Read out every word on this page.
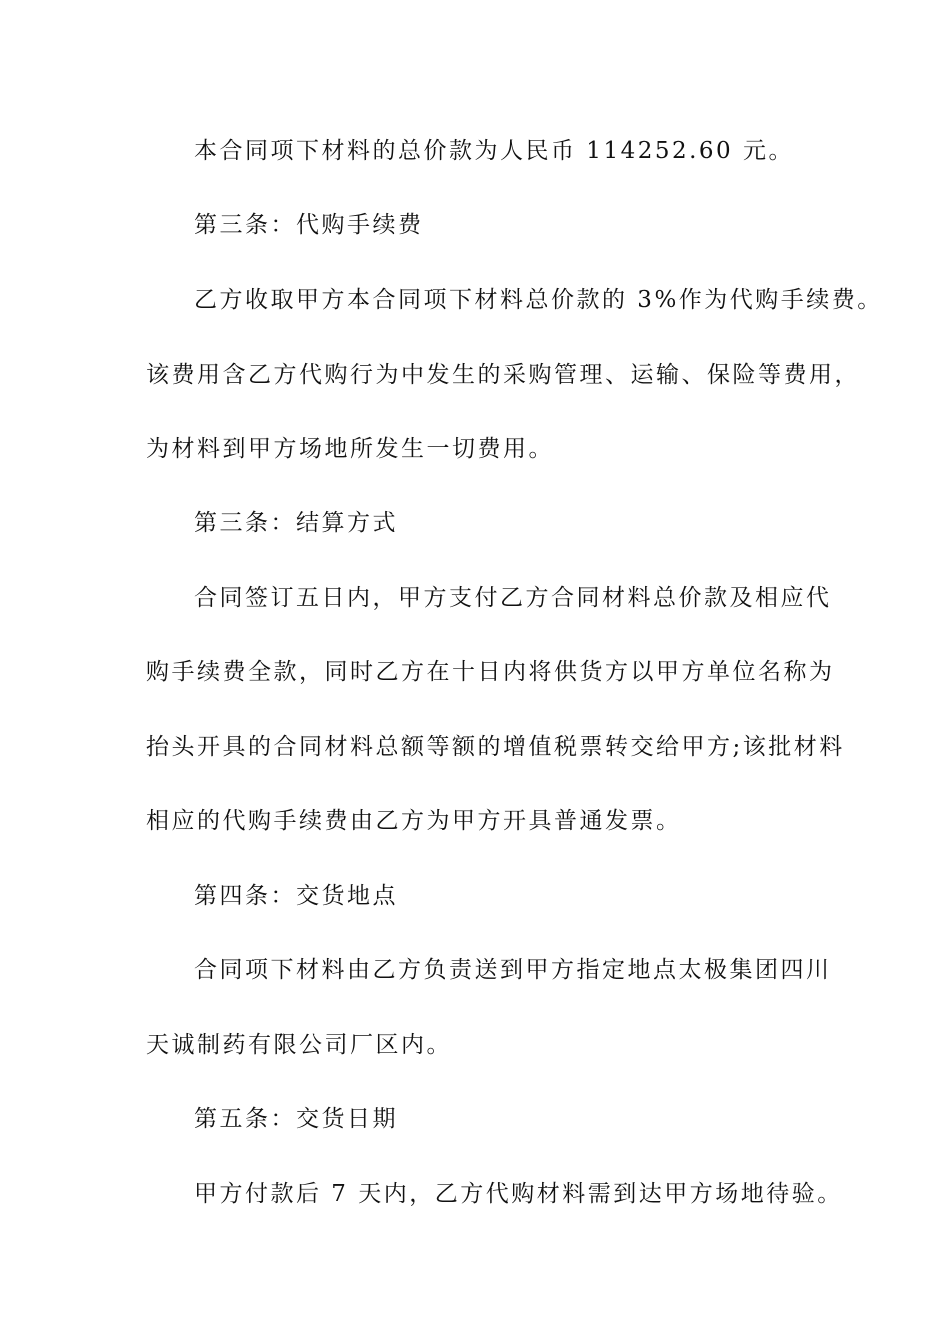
本合同项下材料的总价款为人民币 114252.60 元。
第三条：代购手续费
乙方收取甲方本合同项下材料总价款的 3%作为代购手续费。
该费用含乙方代购行为中发生的采购管理、运输、保险等费用，
为材料到甲方场地所发生一切费用。
第三条：结算方式
合同签订五日内，甲方支付乙方合同材料总价款及相应代
购手续费全款，同时乙方在十日内将供货方以甲方单位名称为
抬头开具的合同材料总额等额的增值税票转交给甲方;该批材料
相应的代购手续费由乙方为甲方开具普通发票。
第四条：交货地点
合同项下材料由乙方负责送到甲方指定地点太极集团四川
天诚制药有限公司厂区内。
第五条：交货日期
甲方付款后 7 天内，乙方代购材料需到达甲方场地待验。
